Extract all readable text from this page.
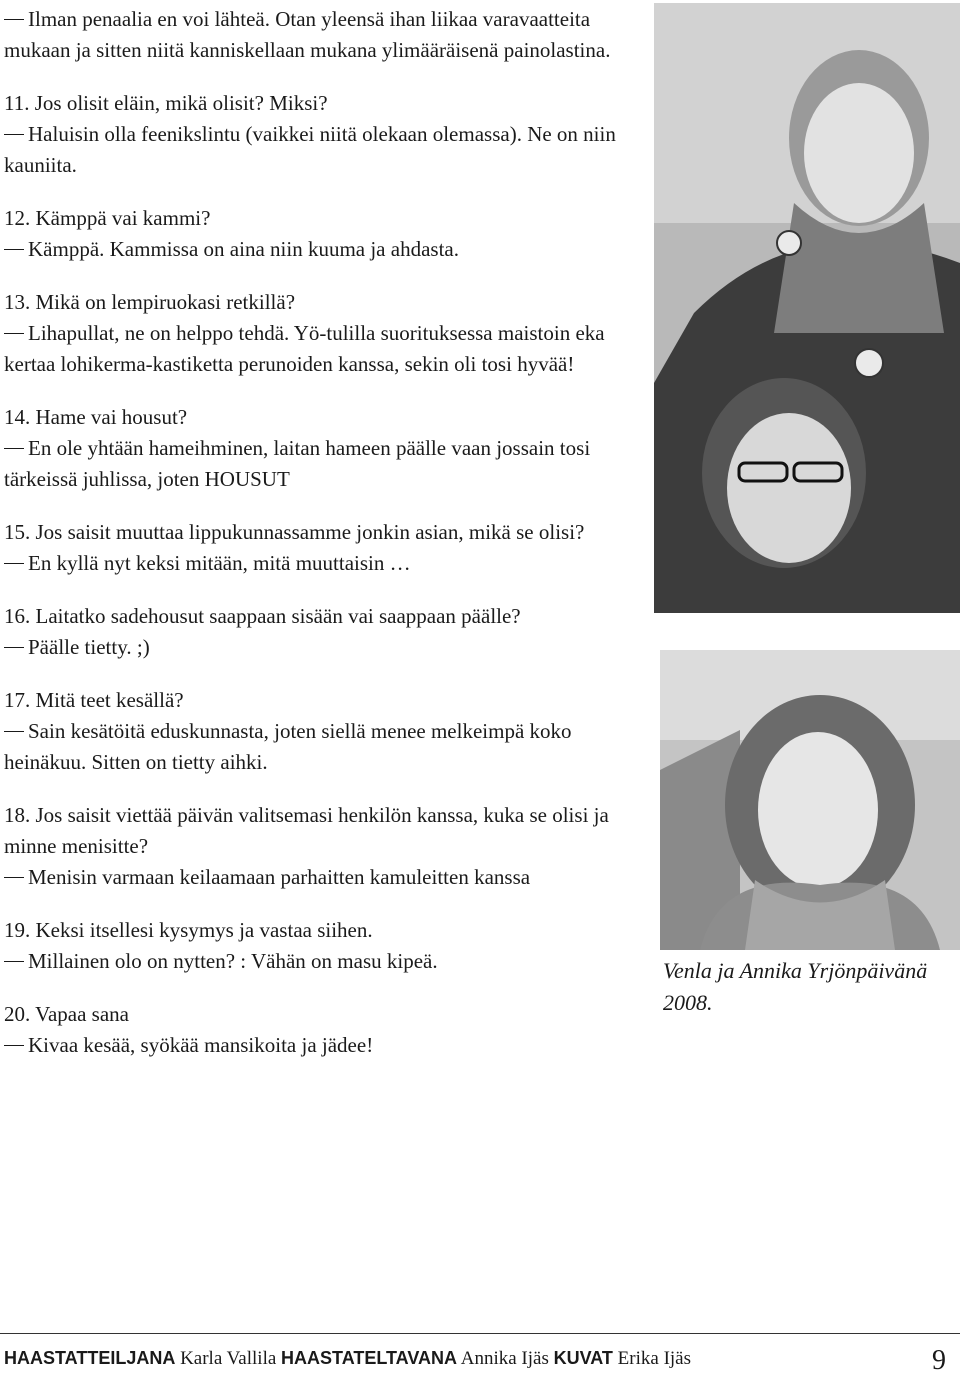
Ilman penaalia en voi lähteä. Otan yleensä ihan liikaa varavaatteita mukaan ja sitten niitä kanniskellaan mukana ylimääräisenä painolastina.

11. Jos olisit eläin, mikä olisit? Miksi?

Haluisin olla feenikslintu (vaikkei niitä olekaan olemassa). Ne on niin kauniita.

12. Kämppä vai kammi?

Kämppä. Kammissa on aina niin kuuma ja ahdasta.

13. Mikä on lempiruokasi retkillä?

Lihapullat, ne on helppo tehdä. Yö-tulilla suorituksessa maistoin eka kertaa lohikerma-kastiketta perunoiden kanssa, sekin oli tosi hyvää!

14. Hame vai housut?

En ole yhtään hameihminen, laitan hameen päälle vaan jossain tosi tärkeissä juhlissa, joten HOUSUT

15. Jos saisit muuttaa lippukunnassamme jonkin asian, mikä se olisi?

En kyllä nyt keksi mitään, mitä muuttaisin …

16. Laitatko sadehousut saappaan sisään vai saappaan päälle?

Päälle tietty. ;)

17. Mitä teet kesällä?

Sain kesätöitä eduskunnasta, joten siellä menee melkeimpä koko heinäkuu. Sitten on tietty aihki.

18. Jos saisit viettää päivän valitsemasi henkilön kanssa, kuka se olisi ja minne menisitte?

Menisin varmaan keilaamaan parhaitten kamuleitten kanssa

19. Keksi itsellesi kysymys ja vastaa siihen.

Millainen olo on nytten? : Vähän on masu kipeä.

20. Vapaa sana

Kivaa kesää, syökää mansikoita ja jädee!

Venla ja Annika Yrjönpäivänä 2008.
HAASTATTEILJANA Karla Vallila HAASTATELTAVANA Annika Ijäs KUVAT Erika Ijäs	9
